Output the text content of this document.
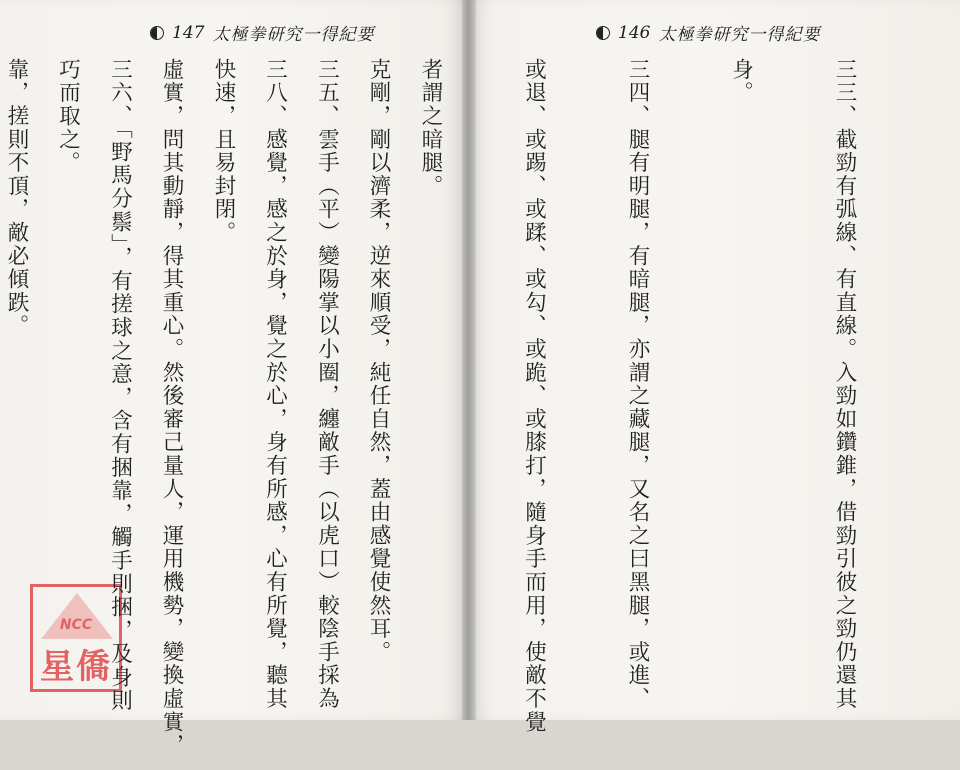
147 太極拳研究一得紀要

克剛，剛以濟柔，逆來順受，純任自然，蓋由感覺使然耳。

三八、感覺，感之於身，覺之於心，身有所感，心有所覺，聽其

虛實，問其動靜，得其重心。然後審己量人，運用機勢，變換虛實，

巧而取之。

NCC
星僑
146 太極拳研究一得紀要

三三、截勁有弧線、有直線。入勁如鑽錐，借勁引彼之勁仍還其

身。

三四、腿有明腿，有暗腿，亦謂之藏腿，又名之曰黑腿，或進、

或退、或踢、或蹂、或勾、或跪、或膝打，隨身手而用，使敵不覺

者謂之暗腿。

三五、雲手（平）變陽掌以小圈，纏敵手（以虎口）較陰手採為

快速，且易封閉。

三六、「野馬分鬃」，有搓球之意，含有捆靠，觸手則捆，及身則

靠，搓則不頂，敵必傾跌。
